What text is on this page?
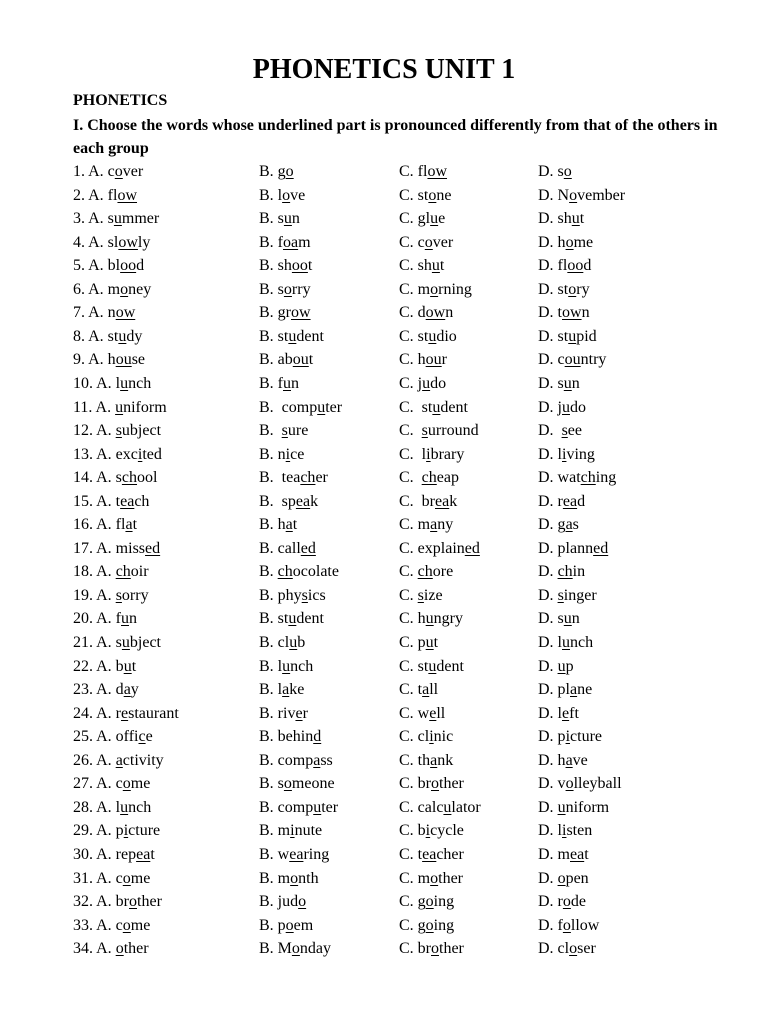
PHONETICS UNIT 1
PHONETICS
I. Choose the words whose underlined part is pronounced differently from that of the others in each group
1. A. cover	B. go	C. flow	D. so
2. A. flow	B. love	C. stone	D. November
3. A. summer	B. sun	C. glue	D. shut
4. A. slowly	B. foam	C. cover	D. home
5. A. blood	B. shoot	C. shut	D. flood
6. A. money	B. sorry	C. morning	D. story
7. A. now	B. grow	C. down	D. town
8. A. study	B. student	C. studio	D. stupid
9. A. house	B. about	C. hour	D. country
10. A. lunch	B. fun	C. judo	D. sun
11. A. uniform	B.  computer	C.  student	D. judo
12. A. subject	B.  sure	C.  surround	D.  see
13. A. excited	B. nice	C.  library	D. living
14. A. school	B.  teacher	C.  cheap	D. watching
15. A. teach	B.  speak	C.  break	D. read
16. A. flat	B. hat	C. many	D. gas
17. A. missed	B. called	C. explained	D. planned
18. A. choir	B. chocolate	C. chore	D. chin
19. A. sorry	B. physics	C. size	D. singer
20. A. fun	B. student	C. hungry	D. sun
21. A. subject	B. club	C. put	D. lunch
22. A. but	B. lunch	C. student	D. up
23. A. day	B. lake	C. tall	D. plane
24. A. restaurant	B. river	C. well	D. left
25. A. office	B. behind	C. clinic	D. picture
26. A. activity	B. compass	C. thank	D. have
27. A. come	B. someone	C. brother	D. volleyball
28. A. lunch	B. computer	C. calculator	D. uniform
29. A. picture	B. minute	C. bicycle	D. listen
30. A. repeat	B. wearing	C. teacher	D. meat
31. A. come	B. month	C. mother	D. open
32. A. brother	B. judo	C. going	D. rode
33. A. come	B. poem	C. going	D. follow
34. A. other	B. Monday	C. brother	D. closer
